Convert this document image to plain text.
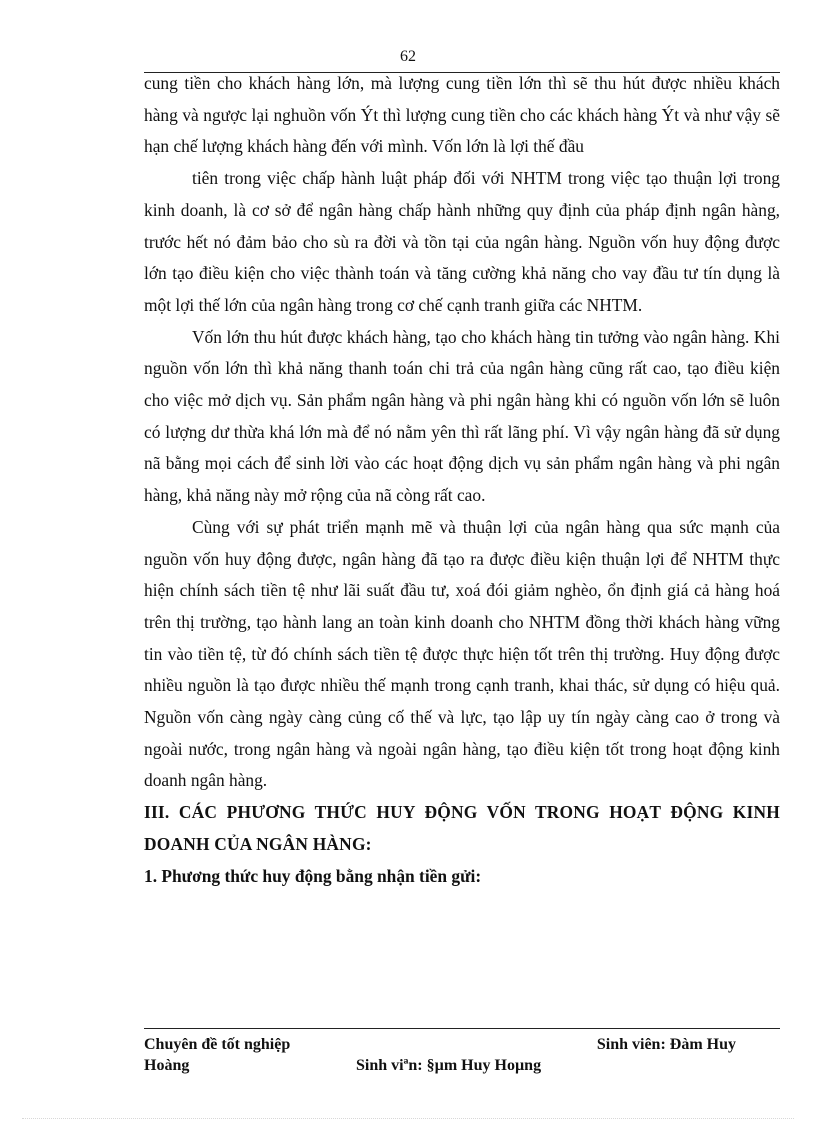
62

cung tiền cho khách hàng lớn, mà lượng cung tiền lớn thì sẽ thu hút được nhiều khách hàng và ngược lại nghuồn vốn Ýt thì lượng cung tiền cho các khách hàng Ýt và như vậy sẽ hạn chế lượng khách hàng đến với mình. Vốn lớn là lợi thế đầu

tiên trong việc chấp hành luật pháp đối với NHTM trong việc tạo thuận lợi trong kinh doanh, là cơ sở để ngân hàng chấp hành những quy định của pháp định ngân hàng, trước hết nó đảm bảo cho sù ra đời và tồn tại của ngân hàng. Nguồn vốn huy động được lớn tạo điều kiện cho việc thành toán và tăng cường khả năng cho vay đầu tư tín dụng là một lợi thế lớn của ngân hàng trong cơ chế cạnh tranh giữa các NHTM.

Vốn lớn thu hút được khách hàng, tạo cho khách hàng tin tưởng vào ngân hàng. Khi nguồn vốn lớn thì khả năng thanh toán chi trả của ngân hàng cũng rất cao, tạo điều kiện cho việc mở dịch vụ. Sản phẩm ngân hàng và phi ngân hàng khi có nguồn vốn lớn sẽ luôn có lượng dư thừa khá lớn mà để nó nằm yên thì rất lãng phí. Vì vậy ngân hàng đã sử dụng nã bằng mọi cách để sinh lời vào các hoạt động dịch vụ sản phẩm ngân hàng và phi ngân hàng, khả năng này mở rộng của nã còng rất cao.

Cùng với sự phát triển mạnh mẽ và thuận lợi của ngân hàng qua sức mạnh của nguồn vốn huy động được, ngân hàng đã tạo ra được điều kiện thuận lợi để NHTM thực hiện chính sách tiền tệ như lãi suất đầu tư, xoá đói giảm nghèo, ổn định giá cả hàng hoá trên thị trường, tạo hành lang an toàn kinh doanh cho NHTM đồng thời khách hàng vững tin vào tiền tệ, từ đó chính sách tiền tệ được thực hiện tốt trên thị trường. Huy động được nhiều nguồn là tạo được nhiều thế mạnh trong cạnh tranh, khai thác, sử dụng có hiệu quả. Nguồn vốn càng ngày càng củng cố thế và lực, tạo lập uy tín ngày càng cao ở trong và ngoài nước, trong ngân hàng và ngoài ngân hàng, tạo điều kiện tốt trong hoạt động kinh doanh ngân hàng.

III. CÁC PHƯƠNG THỨC HUY ĐỘNG VỐN TRONG HOẠT ĐỘNG KINH DOANH CỦA NGÂN HÀNG:

1. Phương thức huy động bằng nhận tiền gửi:

Chuyên đề tốt nghiệp	Sinh viên: Đàm Huy
Hoàng	Sinh viªn: §µm Huy Hoµng
